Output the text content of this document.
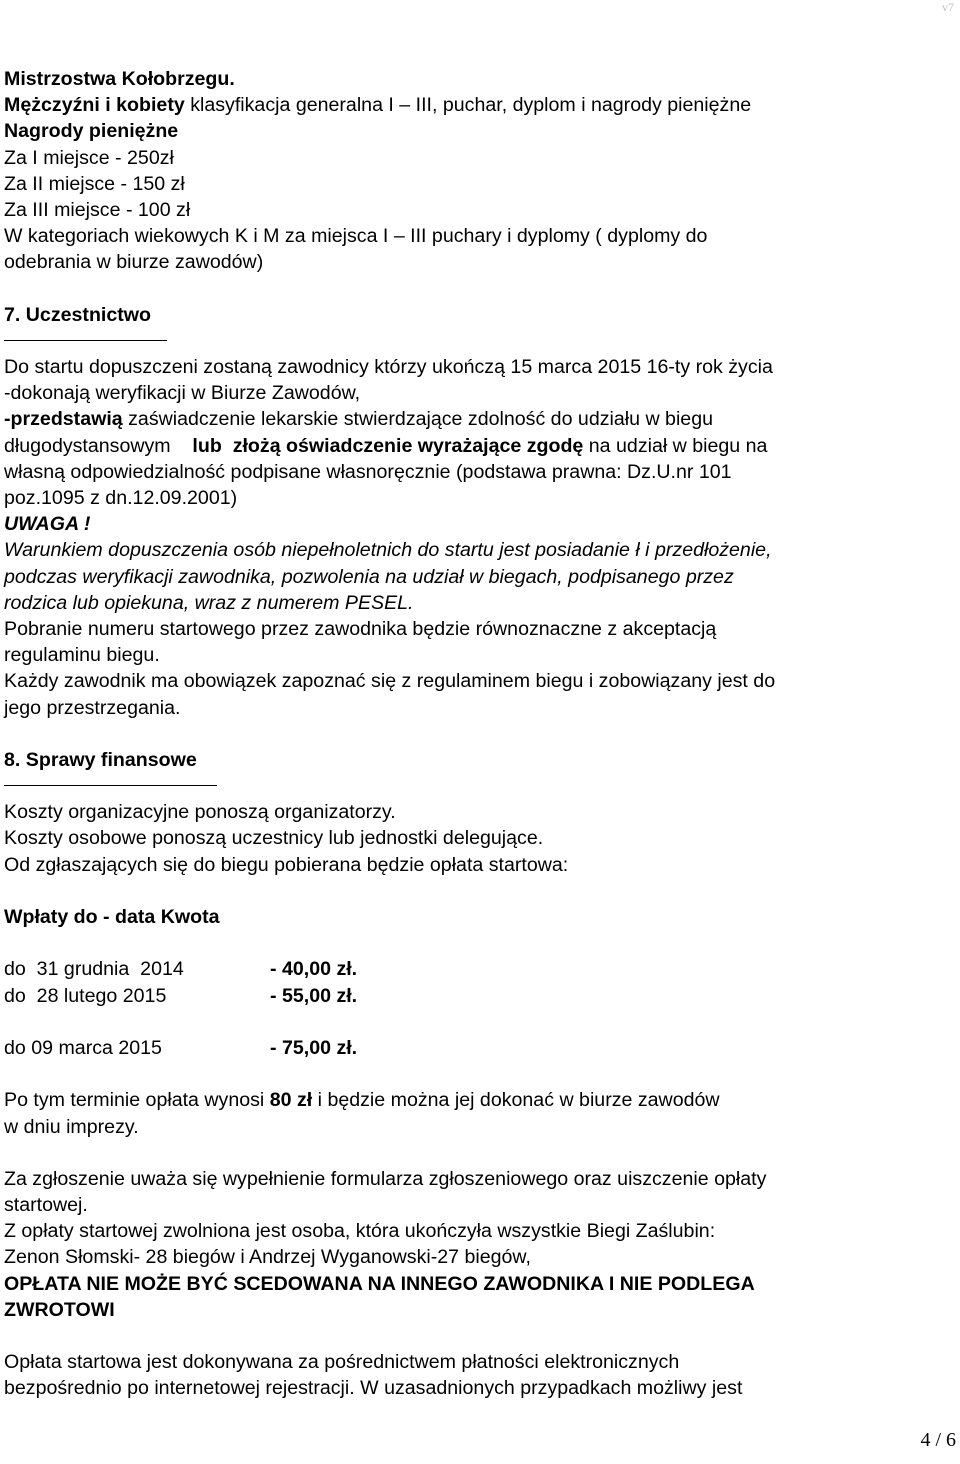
v7
Mistrzostwa Kołobrzegu.
Mężczyźni i kobiety klasyfikacja generalna I – III, puchar, dyplom i nagrody pieniężne
Nagrody pieniężne
Za I miejsce - 250zł
Za II miejsce - 150 zł
Za III miejsce - 100 zł
W kategoriach wiekowych K i M za miejsca I – III puchary i dyplomy ( dyplomy do
odebrania w biurze zawodów)
7. Uczestnictwo
Do startu dopuszczeni zostaną zawodnicy którzy ukończą 15 marca 2015 16-ty rok życia
-dokonają weryfikacji w Biurze Zawodów,
-przedstawią zaświadczenie lekarskie stwierdzające zdolność do udziału w biegu
długodystansowym    lub  złożą oświadczenie wyrażające zgodę na udział w biegu na
własną odpowiedzialność podpisane własnoręcznie (podstawa prawna: Dz.U.nr 101
poz.1095 z dn.12.09.2001)
UWAGA !
Warunkiem dopuszczenia osób niepełnoletnich do startu jest posiadanie ł i przedłożenie,
podczas weryfikacji zawodnika, pozwolenia na udział w biegach, podpisanego przez
rodzica lub opiekuna, wraz z numerem PESEL.
Pobranie numeru startowego przez zawodnika będzie równoznaczne z akceptacją
regulaminu biegu.
Każdy zawodnik ma obowiązek zapoznać się z regulaminem biegu i zobowiązany jest do
jego przestrzegania.
8. Sprawy finansowe
Koszty organizacyjne ponoszą organizatorzy.
Koszty osobowe ponoszą uczestnicy lub jednostki delegujące.
Od zgłaszających się do biegu pobierana będzie opłata startowa:
Wpłaty do - data Kwota
do  31 grudnia  2014	- 40,00 zł.
do  28 lutego 2015	- 55,00 zł.
do 09 marca 2015	- 75,00 zł.
Po tym terminie opłata wynosi 80 zł i będzie można jej dokonać w biurze zawodów
w dniu imprezy.
Za zgłoszenie uważa się wypełnienie formularza zgłoszeniowego oraz uiszczenie opłaty
startowej.
Z opłaty startowej zwolniona jest osoba, która ukończyła wszystkie Biegi Zaślubin:
Zenon Słomski- 28 biegów i Andrzej Wyganowski-27 biegów,
OPŁATA NIE MOŻE BYĆ SCEDOWANA NA INNEGO ZAWODNIKA I NIE PODLEGA
ZWROTOWI
Opłata startowa jest dokonywana za pośrednictwem płatności elektronicznych
bezpośrednio po internetowej rejestracji. W uzasadnionych przypadkach możliwy jest
4 / 6
